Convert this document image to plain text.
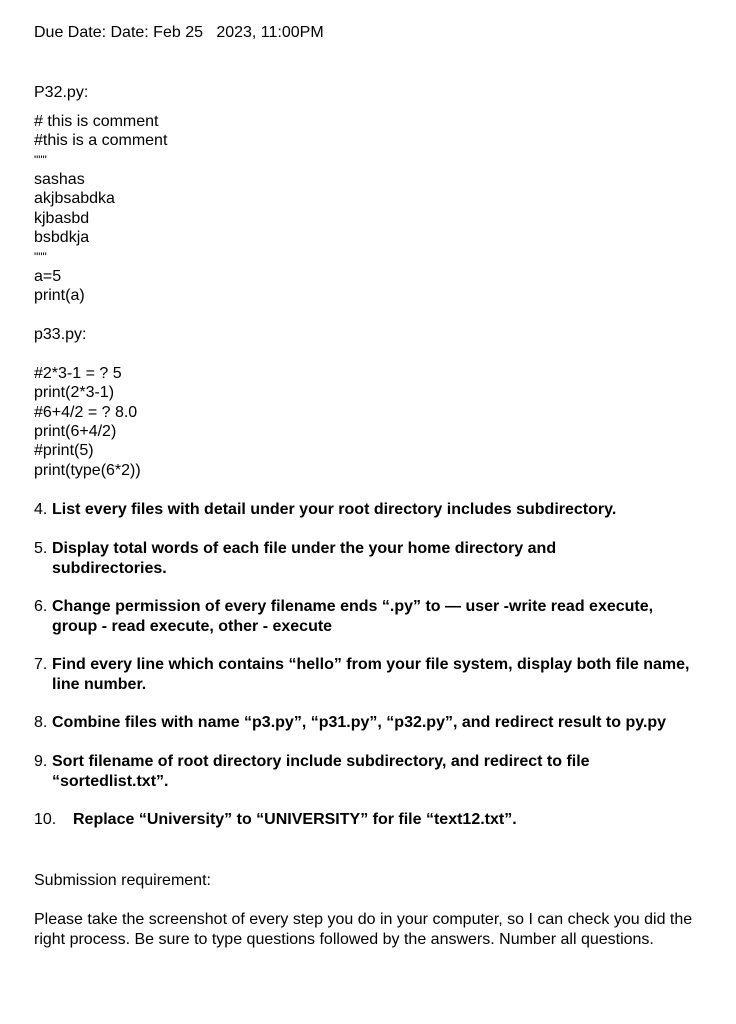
Due Date: Date: Feb 25   2023, 11:00PM
P32.py:
# this is comment
#this is a comment
"""
sashas
akjbsabdka
kjbasbd
bsbdkja
"""
a=5
print(a)
p33.py:
#2*3-1 = ? 5
print(2*3-1)
#6+4/2 = ? 8.0
print(6+4/2)
#print(5)
print(type(6*2))
4. List every files with detail under your root directory includes subdirectory.
5. Display total words of each file under the your home directory and
subdirectories.
6. Change permission of every filename ends “.py” to — user -write read execute,
group - read execute, other - execute
7. Find every line which contains “hello” from your file system, display both file name,
line number.
8. Combine files with name “p3.py”, “p31.py”, “p32.py”, and redirect result to py.py
9. Sort filename of root directory include subdirectory, and redirect to file
“sortedlist.txt”.
10. Replace “University” to “UNIVERSITY” for file “text12.txt”.
Submission requirement:
Please take the screenshot of every step you do in your computer, so I can check you did the right process. Be sure to type questions followed by the answers. Number all questions.
